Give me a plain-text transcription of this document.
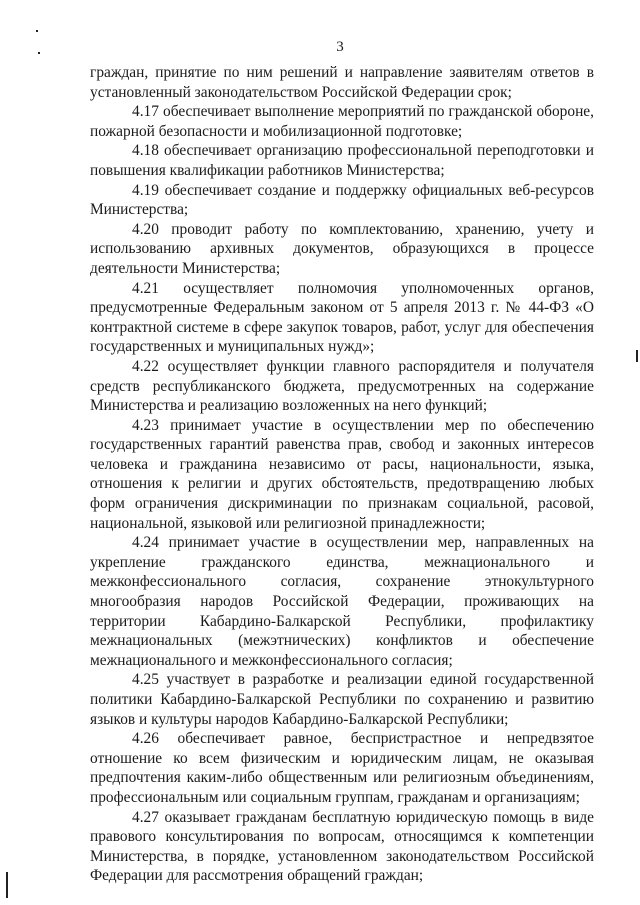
3

граждан, принятие по ним решений и направление заявителям ответов в установленный законодательством Российской Федерации срок;

4.17 обеспечивает выполнение мероприятий по гражданской обороне, пожарной безопасности и мобилизационной подготовке;

4.18 обеспечивает организацию профессиональной переподготовки и повышения квалификации работников Министерства;

4.19 обеспечивает создание и поддержку официальных веб-ресурсов Министерства;

4.20 проводит работу по комплектованию, хранению, учету и использованию архивных документов, образующихся в процессе деятельности Министерства;

4.21 осуществляет полномочия уполномоченных органов, предусмотренные Федеральным законом от 5 апреля 2013 г. № 44-ФЗ «О контрактной системе в сфере закупок товаров, работ, услуг для обеспечения государственных и муниципальных нужд»;

4.22 осуществляет функции главного распорядителя и получателя средств республиканского бюджета, предусмотренных на содержание Министерства и реализацию возложенных на него функций;

4.23 принимает участие в осуществлении мер по обеспечению государственных гарантий равенства прав, свобод и законных интересов человека и гражданина независимо от расы, национальности, языка, отношения к религии и других обстоятельств, предотвращению любых форм ограничения дискриминации по признакам социальной, расовой, национальной, языковой или религиозной принадлежности;

4.24 принимает участие в осуществлении мер, направленных на укрепление гражданского единства, межнационального и межконфессионального согласия, сохранение этнокультурного многообразия народов Российской Федерации, проживающих на территории Кабардино-Балкарской Республики, профилактику межнациональных (межэтнических) конфликтов и обеспечение межнационального и межконфессионального согласия;

4.25 участвует в разработке и реализации единой государственной политики Кабардино-Балкарской Республики по сохранению и развитию языков и культуры народов Кабардино-Балкарской Республики;

4.26 обеспечивает равное, беспристрастное и непредвзятое отношение ко всем физическим и юридическим лицам, не оказывая предпочтения каким-либо общественным или религиозным объединениям, профессиональным или социальным группам, гражданам и организациям;

4.27 оказывает гражданам бесплатную юридическую помощь в виде правового консультирования по вопросам, относящимся к компетенции Министерства, в порядке, установленном законодательством Российской Федерации для рассмотрения обращений граждан;
